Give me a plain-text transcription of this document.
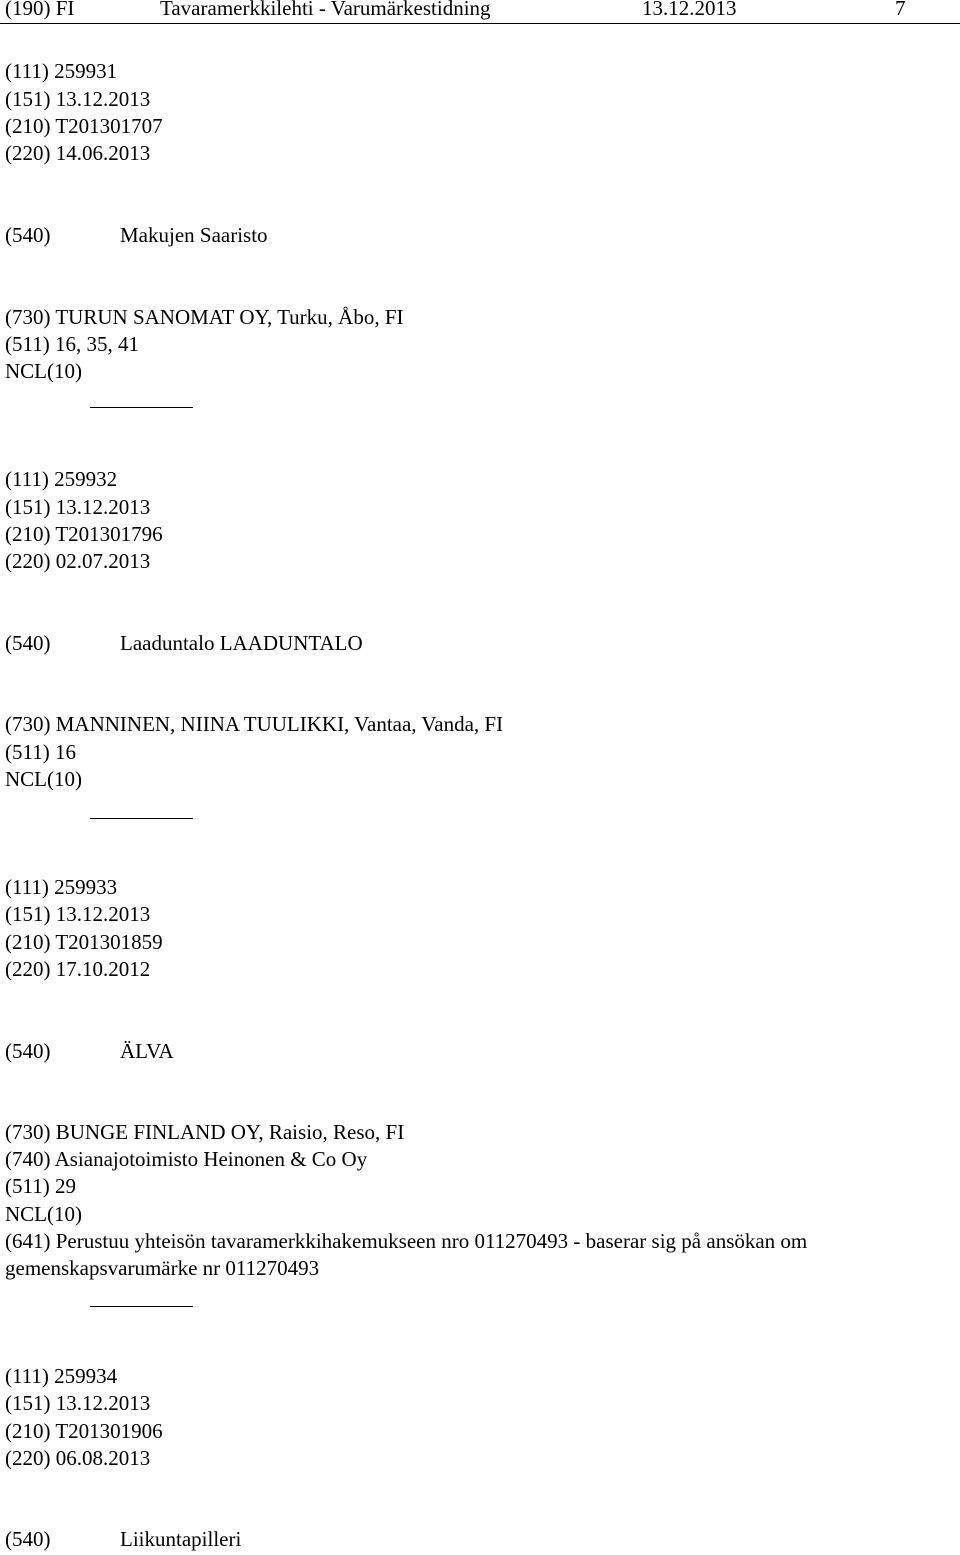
(190) FI	Tavaramerkkilehti - Varumärkestidning	13.12.2013	7
(111) 259931
(151) 13.12.2013
(210) T201301707
(220) 14.06.2013
(540)	Makujen Saaristo
(730) TURUN SANOMAT OY, Turku, Åbo, FI
(511) 16, 35, 41
NCL(10)
(111) 259932
(151) 13.12.2013
(210) T201301796
(220) 02.07.2013
(540)	Laaduntalo LAADUNTALO
(730) MANNINEN, NIINA TUULIKKI, Vantaa, Vanda, FI
(511) 16
NCL(10)
(111) 259933
(151) 13.12.2013
(210) T201301859
(220) 17.10.2012
(540)	ÄLVA
(730) BUNGE FINLAND OY, Raisio, Reso, FI
(740) Asianajotoimisto Heinonen & Co Oy
(511) 29
NCL(10)
(641) Perustuu yhteisön tavaramerkkihakemukseen nro 011270493 - baserar sig på ansökan om
gemenskapsvarumärke nr 011270493
(111) 259934
(151) 13.12.2013
(210) T201301906
(220) 06.08.2013
(540)	Liikuntapilleri
